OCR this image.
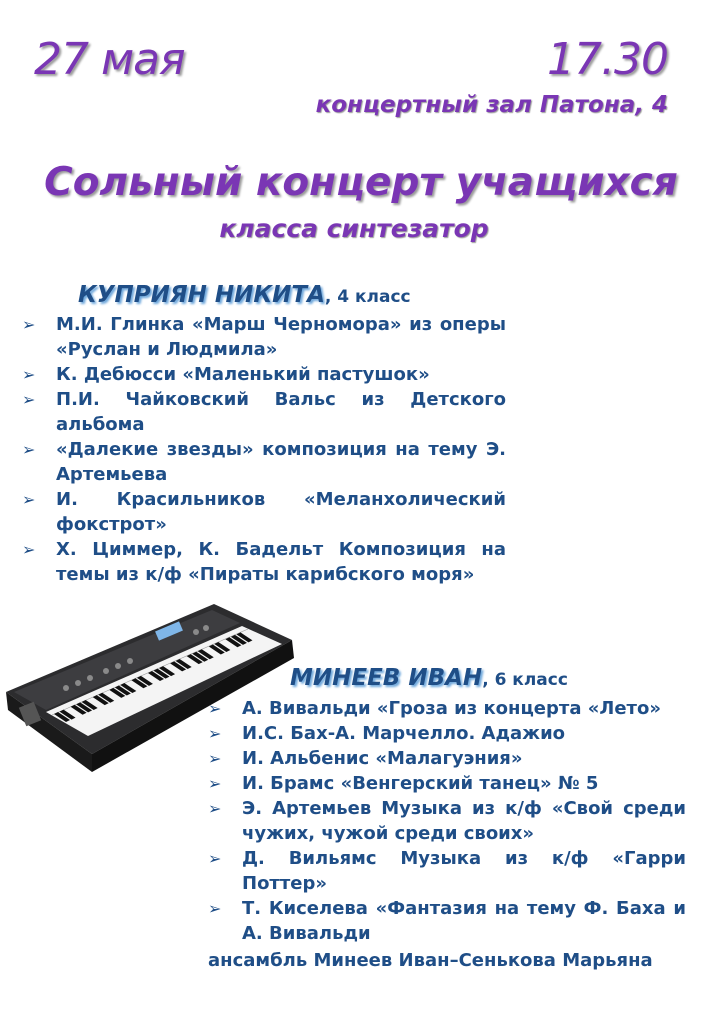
27 мая	17.30
концертный зал Патона, 4
Сольный концерт учащихся
класса синтезатор
КУПРИЯН НИКИТА, 4 класс
➢ М.И. Глинка «Марш Черномора» из оперы «Руслан и Людмила»
➢ К. Дебюсси «Маленький пастушок»
➢ П.И. Чайковский Вальс из Детского альбома
➢ «Далекие звезды» композиция на тему Э. Артемьева
➢ И. Красильников «Меланхолический фокстрот»
➢ Х. Циммер, К. Бадельт Композиция на темы из к/ф «Пираты карибского моря»
МИНЕЕВ ИВАН, 6 класс
➢ А. Вивальди «Гроза из концерта «Лето»
➢ И.С. Бах-А. Марчелло. Адажио
➢ И. Альбенис «Малагуэния»
➢ И. Брамс «Венгерский танец» № 5
➢ Э. Артемьев Музыка из к/ф «Свой среди чужих, чужой среди своих»
➢ Д. Вильямс Музыка из к/ф «Гарри Поттер»
➢ Т. Киселева «Фантазия на тему Ф. Баха и А. Вивальди
ансамбль Минеев Иван–Сенькова Марьяна
